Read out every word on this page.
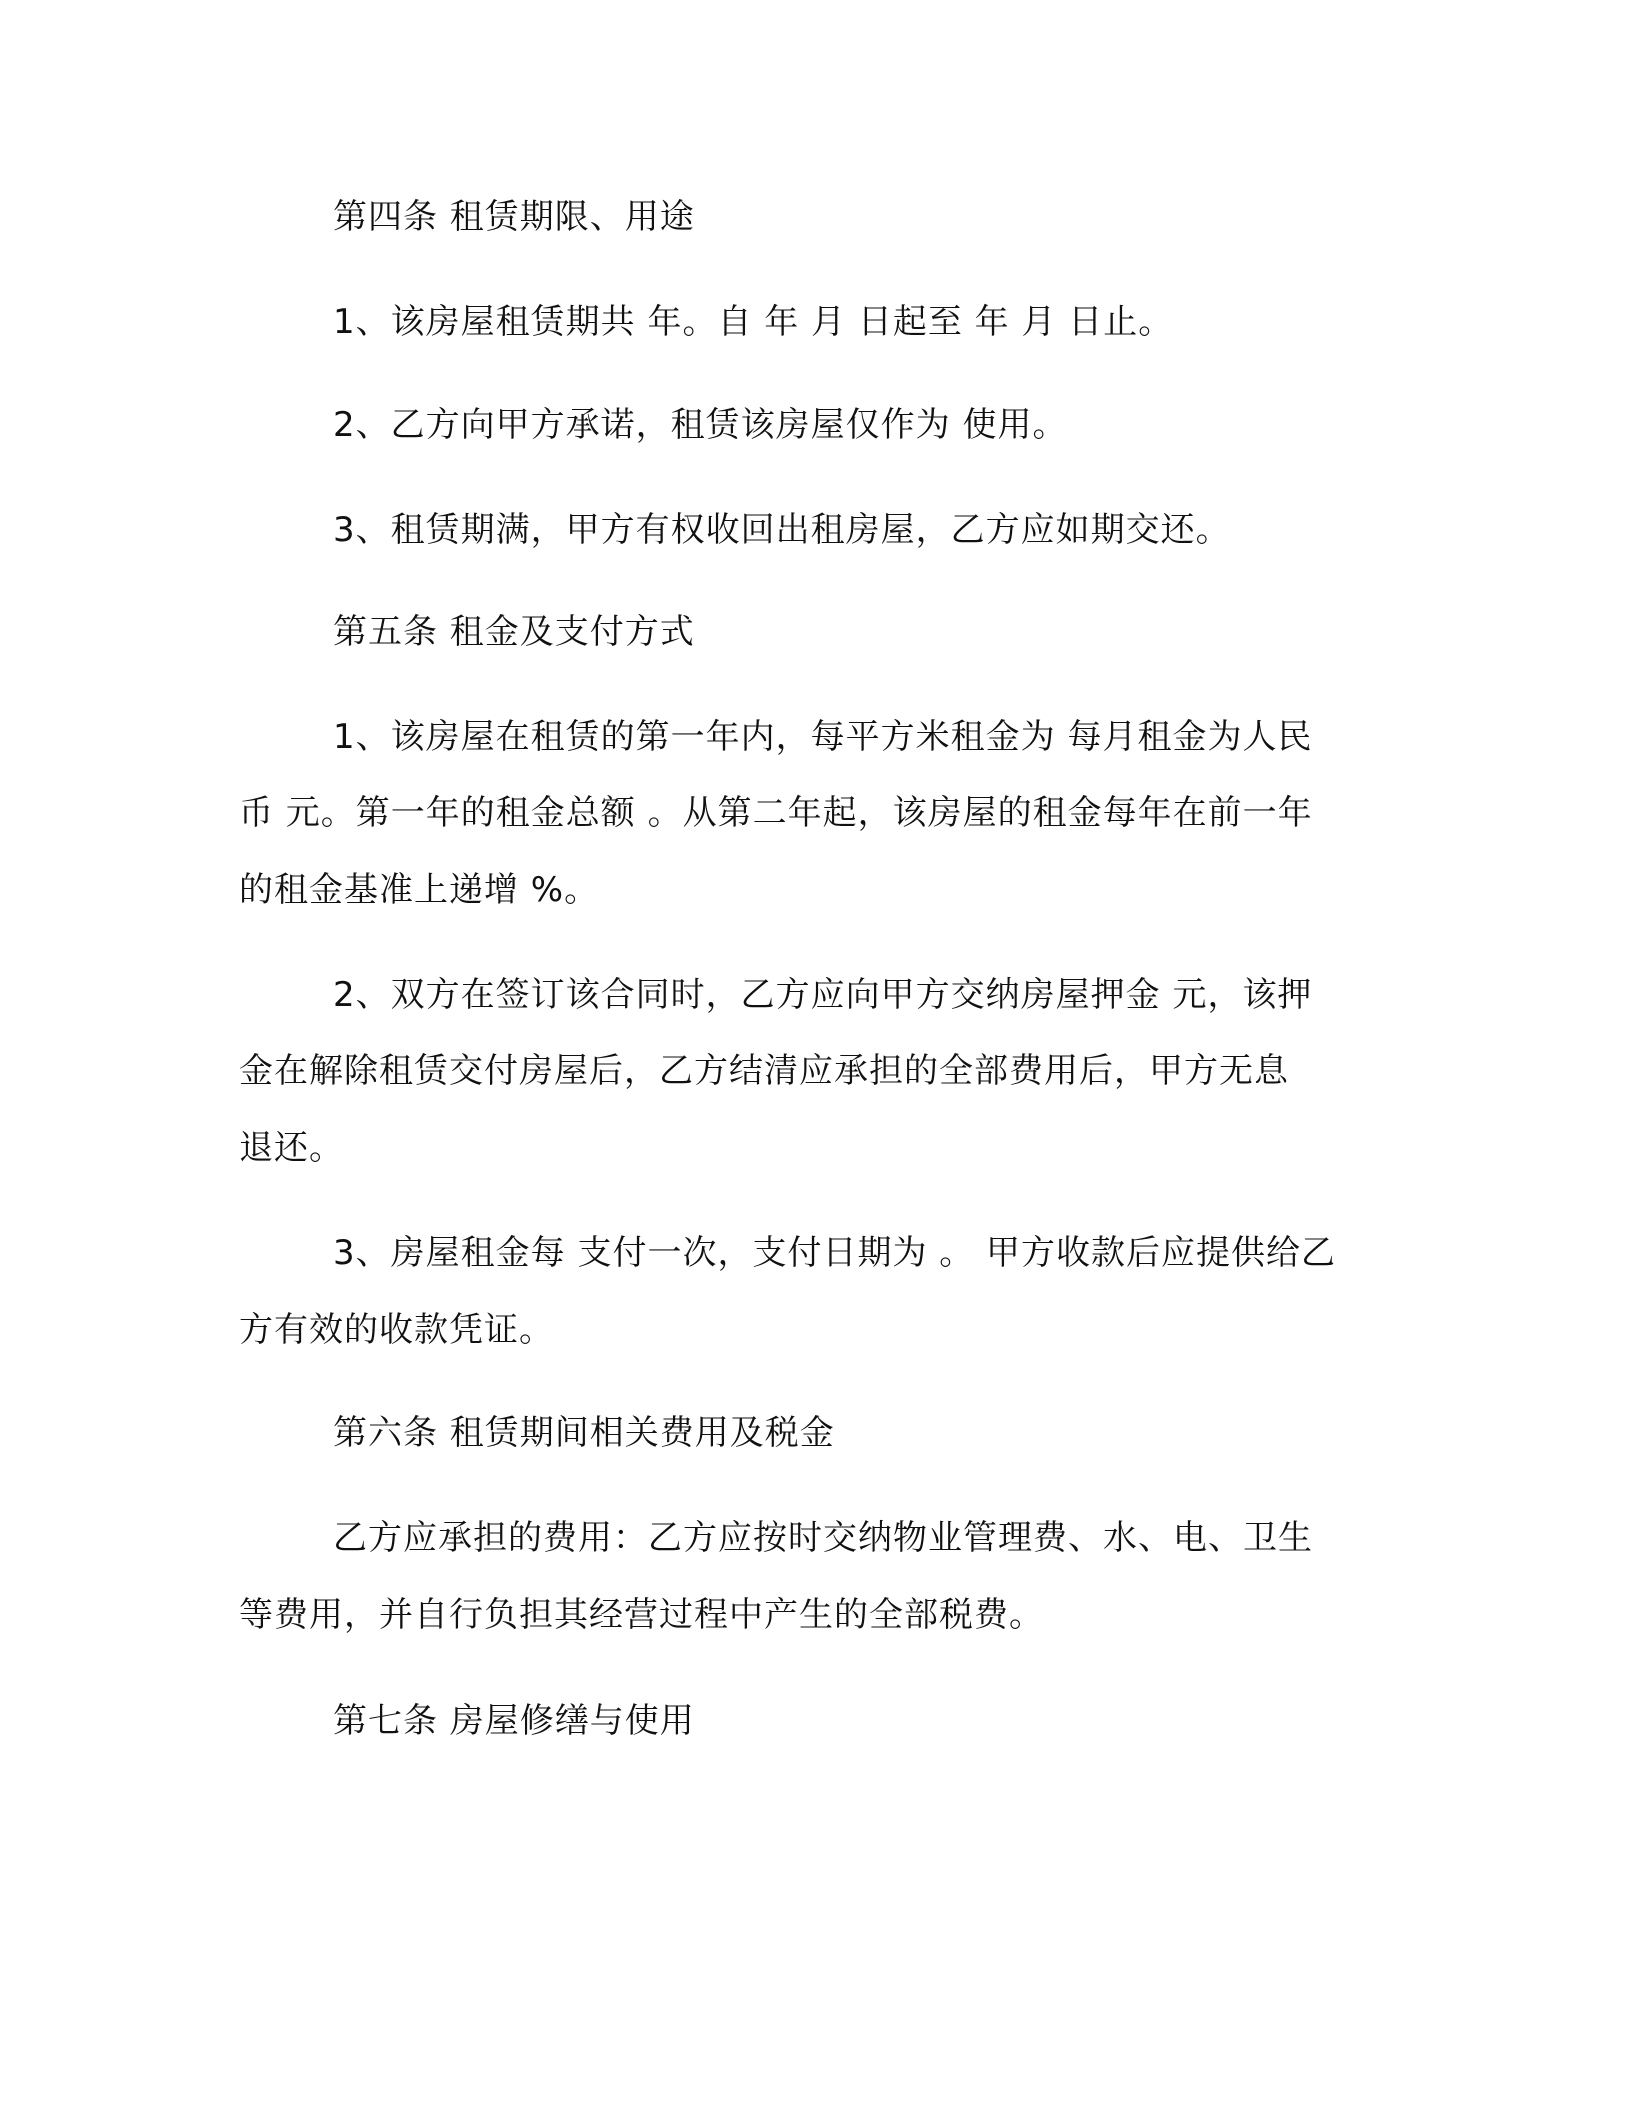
第四条 租赁期限、用途
1、该房屋租赁期共 年。自 年 月 日起至 年 月 日止。
2、乙方向甲方承诺，租赁该房屋仅作为 使用。
3、租赁期满，甲方有权收回出租房屋，乙方应如期交还。
第五条 租金及支付方式
1、该房屋在租赁的第一年内，每平方米租金为 每月租金为人民
币 元。第一年的租金总额 。从第二年起，该房屋的租金每年在前一年
的租金基准上递增 %。
2、双方在签订该合同时，乙方应向甲方交纳房屋押金 元，该押
金在解除租赁交付房屋后，乙方结清应承担的全部费用后，甲方无息
退还。
3、房屋租金每 支付一次，支付日期为 。 甲方收款后应提供给乙
方有效的收款凭证。
第六条 租赁期间相关费用及税金
乙方应承担的费用：乙方应按时交纳物业管理费、水、电、卫生
等费用，并自行负担其经营过程中产生的全部税费。
第七条 房屋修缮与使用
